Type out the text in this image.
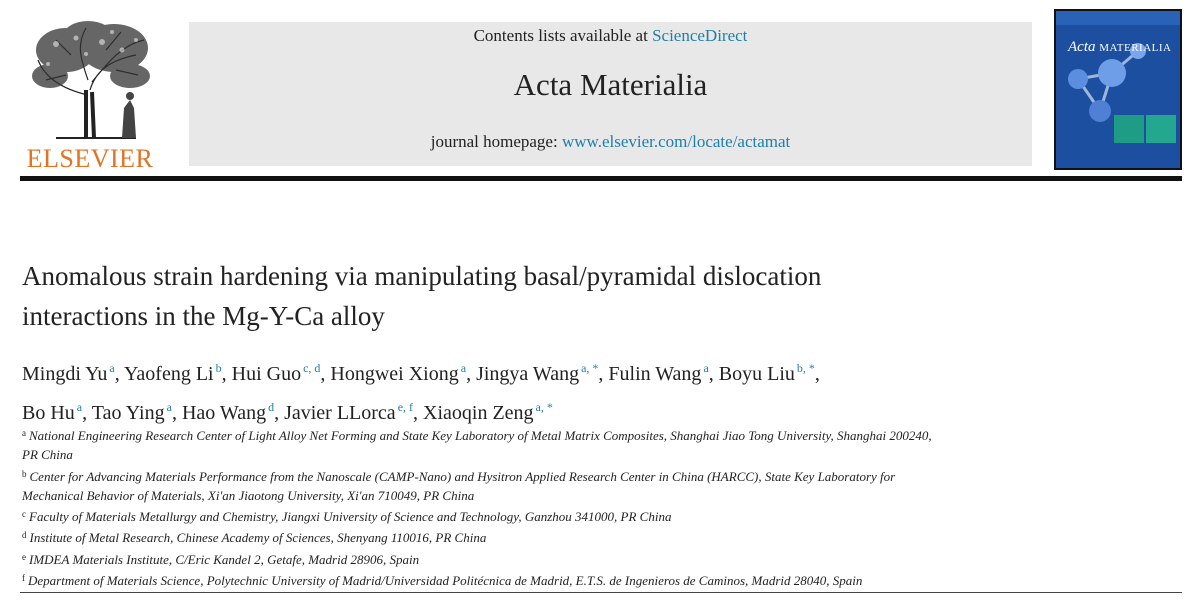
ELSEVIER
Contents lists available at ScienceDirect
Acta Materialia
journal homepage: www.elsevier.com/locate/actamat
Acta MATERIALIA
Anomalous strain hardening via manipulating basal/pyramidal dislocation
interactions in the Mg-Y-Ca alloy
Mingdi Yu $^a$, Yaofeng Li $^b$, Hui Guo $^{c, d}$, Hongwei Xiong $^a$, Jingya Wang $^{a, *}$, Fulin Wang $^a$, Boyu Liu $^{b, *}$,
Bo Hu $^a$, Tao Ying $^a$, Hao Wang $^d$, Javier LLorca $^{e, f}$, Xiaoqin Zeng $^{a, *}$
$^a$ National Engineering Research Center of Light Alloy Net Forming and State Key Laboratory of Metal Matrix Composites, Shanghai Jiao Tong University, Shanghai 200240,
PR China
$^b$ Center for Advancing Materials Performance from the Nanoscale (CAMP-Nano) and Hysitron Applied Research Center in China (HARCC), State Key Laboratory for
Mechanical Behavior of Materials, Xi'an Jiaotong University, Xi'an 710049, PR China
$^c$ Faculty of Materials Metallurgy and Chemistry, Jiangxi University of Science and Technology, Ganzhou 341000, PR China
$^d$ Institute of Metal Research, Chinese Academy of Sciences, Shenyang 110016, PR China
$^e$ IMDEA Materials Institute, C/Eric Kandel 2, Getafe, Madrid 28906, Spain
$^f$ Department of Materials Science, Polytechnic University of Madrid/Universidad Politécnica de Madrid, E.T.S. de Ingenieros de Caminos, Madrid 28040, Spain
